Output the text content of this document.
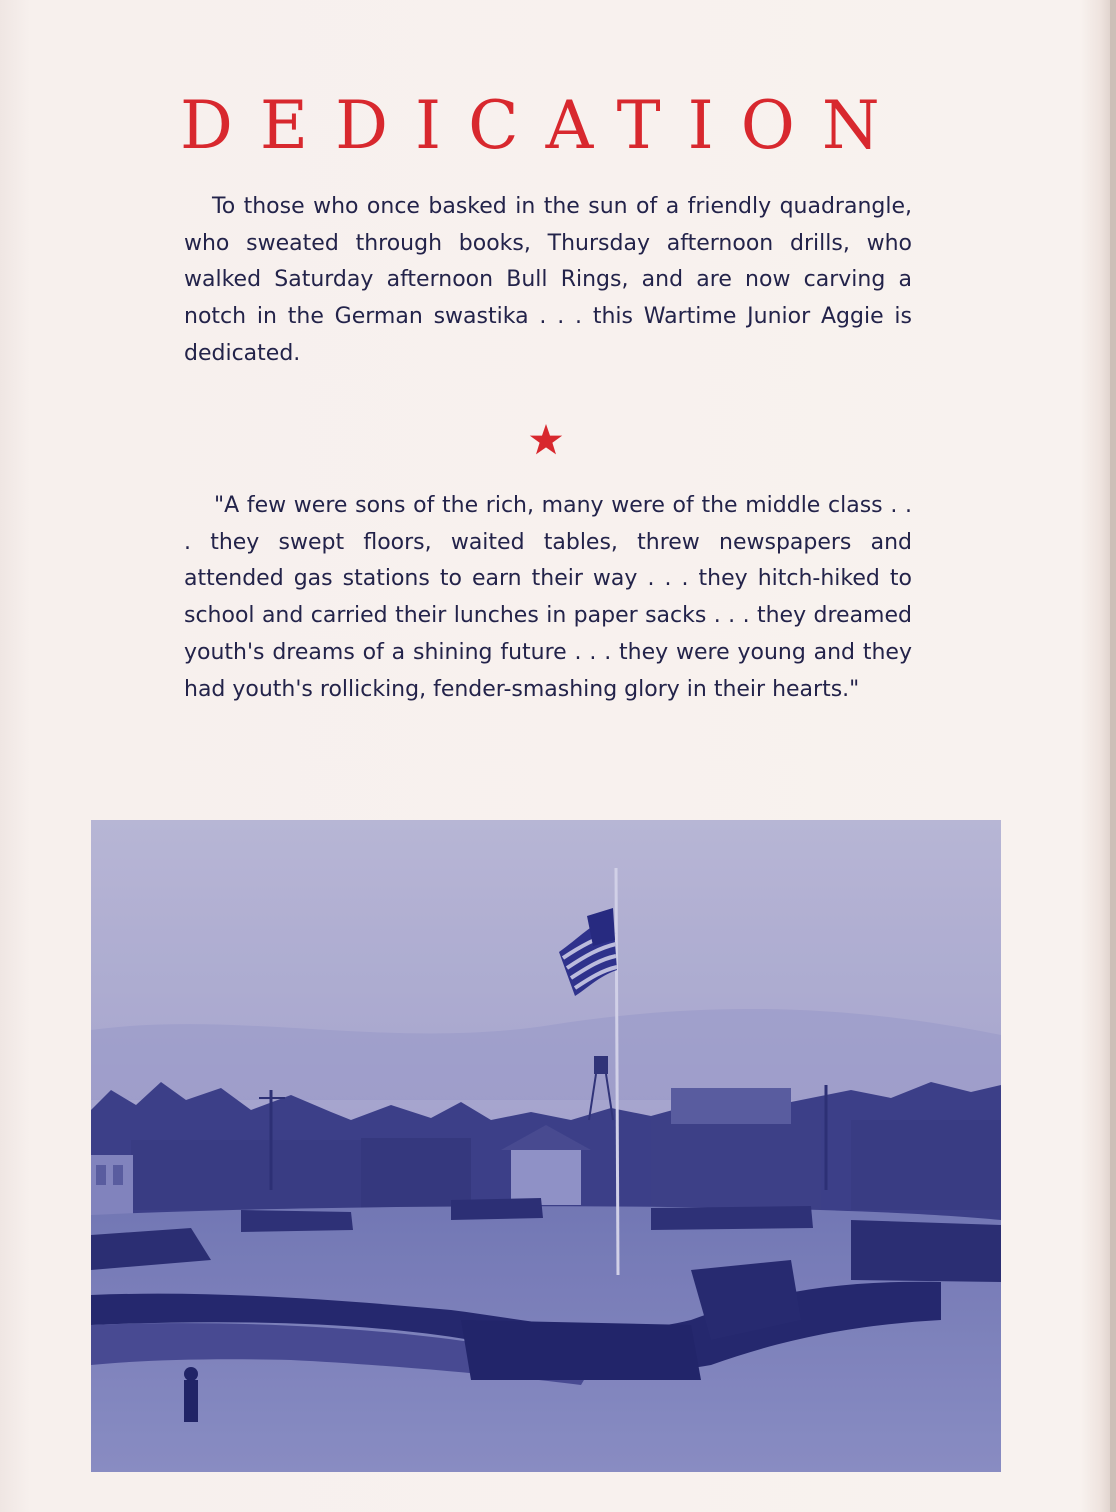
DEDICATION

To those who once basked in the sun of a friendly quadrangle, who sweated through books, Thursday afternoon drills, who walked Saturday afternoon Bull Rings, and are now carving a notch in the German swastika . . . this Wartime Junior Aggie is dedicated.

"A few were sons of the rich, many were of the middle class . . . they swept floors, waited tables, threw newspapers and attended gas stations to earn their way . . . they hitch-hiked to school and carried their lunches in paper sacks . . . they dreamed youth's dreams of a shining future . . . they were young and they had youth's rollicking, fender-smashing glory in their hearts."
